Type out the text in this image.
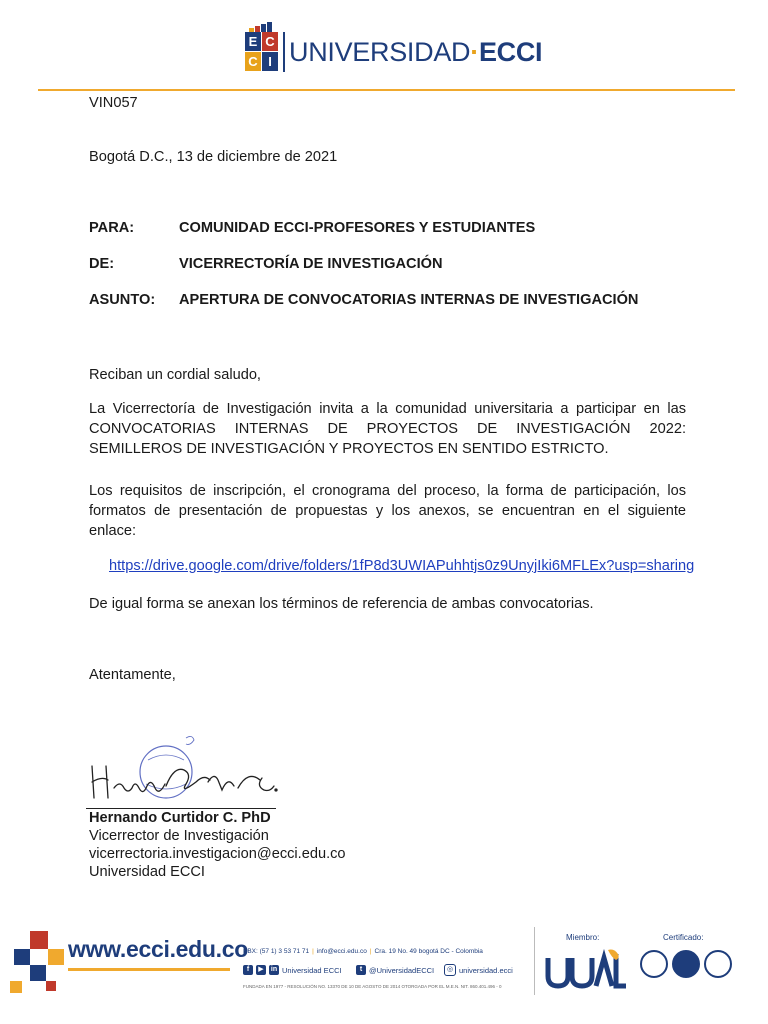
E C
C I UNIVERSIDAD·ECCI
VIN057
Bogotá D.C., 13 de diciembre de 2021
PARA:	COMUNIDAD ECCI-PROFESORES Y ESTUDIANTES
DE:	VICERRECTORÍA DE INVESTIGACIÓN
ASUNTO: APERTURA DE CONVOCATORIAS INTERNAS DE INVESTIGACIÓN
Reciban un cordial saludo,
La Vicerrectoría de Investigación invita a la comunidad universitaria a participar en las
CONVOCATORIAS INTERNAS DE PROYECTOS DE INVESTIGACIÓN 2022:
SEMILLEROS DE INVESTIGACIÓN Y PROYECTOS EN SENTIDO ESTRICTO.
Los requisitos de inscripción, el cronograma del proceso, la forma de participación, los
formatos de presentación de propuestas y los anexos, se encuentran en el siguiente
enlace:
https://drive.google.com/drive/folders/1fP8d3UWIAPuhhtjs0z9UnyjIki6MFLEx?usp=sharing
De igual forma se anexan los términos de referencia de ambas convocatorias.
Atentamente,
Hernando Curtidor C. PhD
Vicerrector de Investigación
vicerrectoria.investigacion@ecci.edu.co
Universidad ECCI
www.ecci.edu.co
PBX: (57 1) 3 53 71 71 | info@ecci.edu.co | Cra. 19 No. 49 bogotá DC - Colombia
f	▶	in Universidad ECCI	t @UniversidadECCI	◎ universidad.ecci
FUNDADA EN 1977 - RESOLUCIÓN NO. 13370 DE 10 DE AGOSTO DE 2014 OTORGADA POR EL M.E.N. NIT. 860.401.496 - 0
Miembro:	Certificado:
